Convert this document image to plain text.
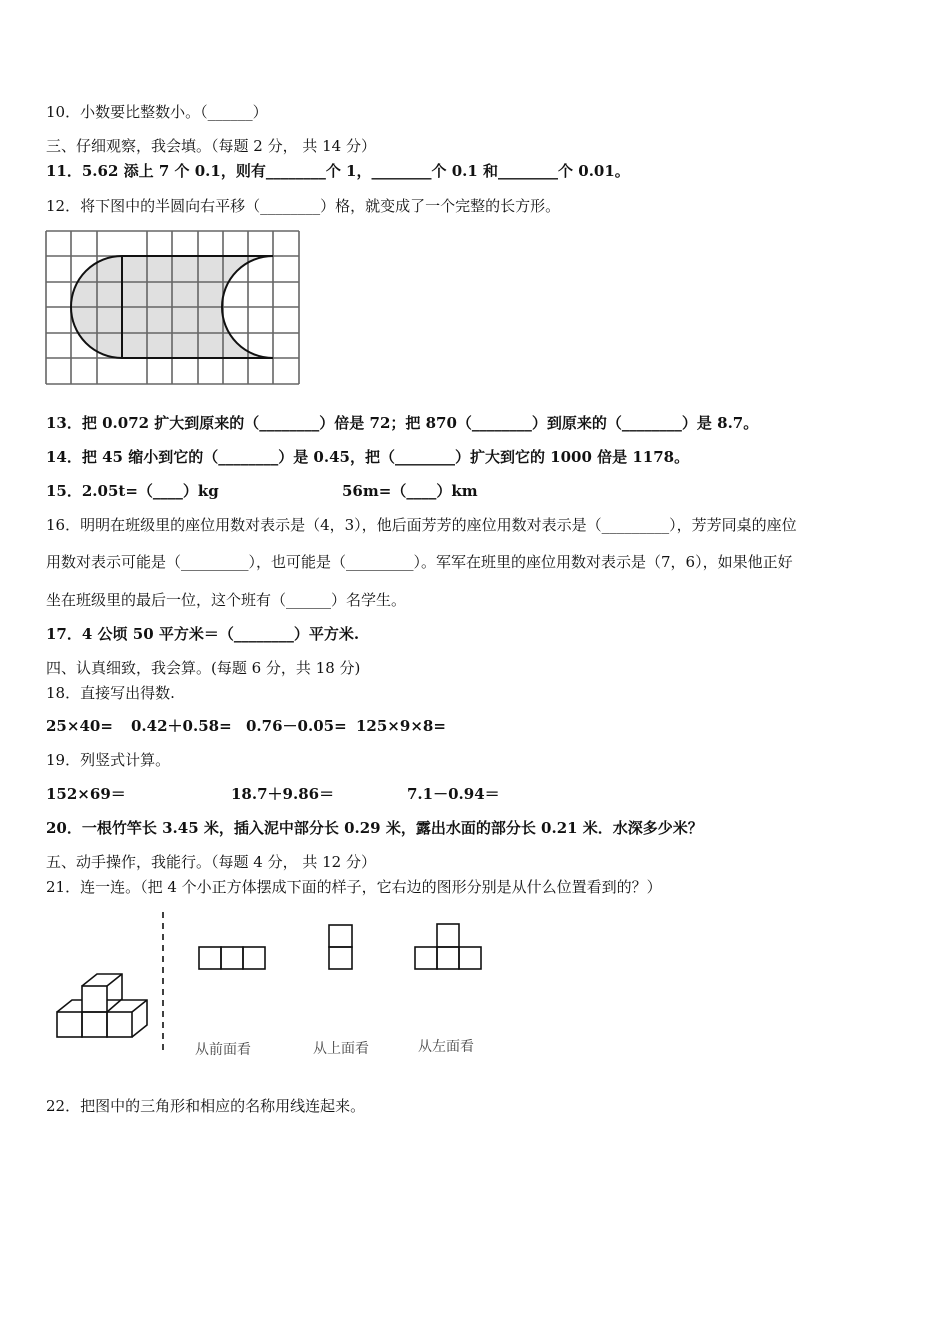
10．小数要比整数小。（______）
三、仔细观察，我会填。（每题 2 分， 共 14 分）
11．5.62 添上 7 个 0.1，则有________个 1，________个 0.1 和________个 0.01。
12．将下图中的半圆向右平移（________）格，就变成了一个完整的长方形。
13．把 0.072 扩大到原来的（________）倍是 72；把 870（________）到原来的（________）是 8.7。
14．把 45 缩小到它的（________）是 0.45，把（________）扩大到它的 1000 倍是 1178。
15．2.05t=（____）kg	56m=（____）km
16．明明在班级里的座位用数对表示是（4，3），他后面芳芳的座位用数对表示是（_________），芳芳同桌的座位
用数对表示可能是（_________），也可能是（_________）。军军在班里的座位用数对表示是（7，6），如果他正好
坐在班级里的最后一位，这个班有（______）名学生。
17．4 公顷 50 平方米＝（________）平方米.
四、认真细致，我会算。(每题 6 分，共 18 分)
18．直接写出得数.
25×40= 0.42＋0.58= 0.76－0.05= 125×9×8=
19．列竖式计算。
152×69＝	18.7＋9.86＝	7.1－0.94＝
20．一根竹竿长 3.45 米，插入泥中部分长 0.29 米，露出水面的部分长 0.21 米．水深多少米？
五、动手操作，我能行。（每题 4 分， 共 12 分）
21．连一连。（把 4 个小正方体摆成下面的样子，它右边的图形分别是从什么位置看到的？）
从前面看	从上面看	从左面看
22．把图中的三角形和相应的名称用线连起来。
